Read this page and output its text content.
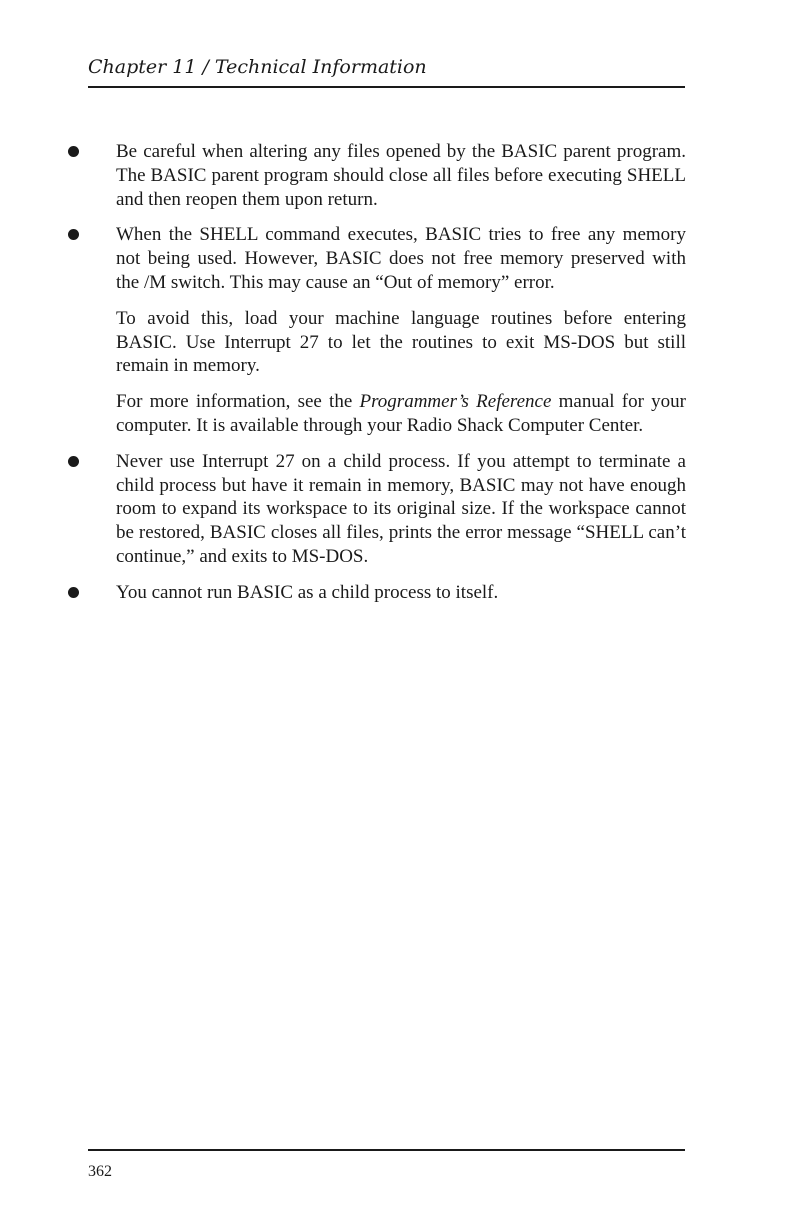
Chapter 11 / Technical Information

Be careful when altering any files opened by the BASIC parent program. The BASIC parent program should close all files before executing SHELL and then reopen them upon return.

When the SHELL command executes, BASIC tries to free any memory not being used. However, BASIC does not free memory preserved with the /M switch. This may cause an “Out of memory” error.

To avoid this, load your machine language routines before entering BASIC. Use Interrupt 27 to let the routines to exit MS-DOS but still remain in memory.

For more information, see the Programmer’s Reference manual for your computer. It is available through your Radio Shack Computer Center.

Never use Interrupt 27 on a child process. If you attempt to terminate a child process but have it remain in memory, BASIC may not have enough room to expand its workspace to its original size. If the workspace cannot be restored, BASIC closes all files, prints the error message “SHELL can’t continue,” and exits to MS-DOS.

You cannot run BASIC as a child process to itself.

362
